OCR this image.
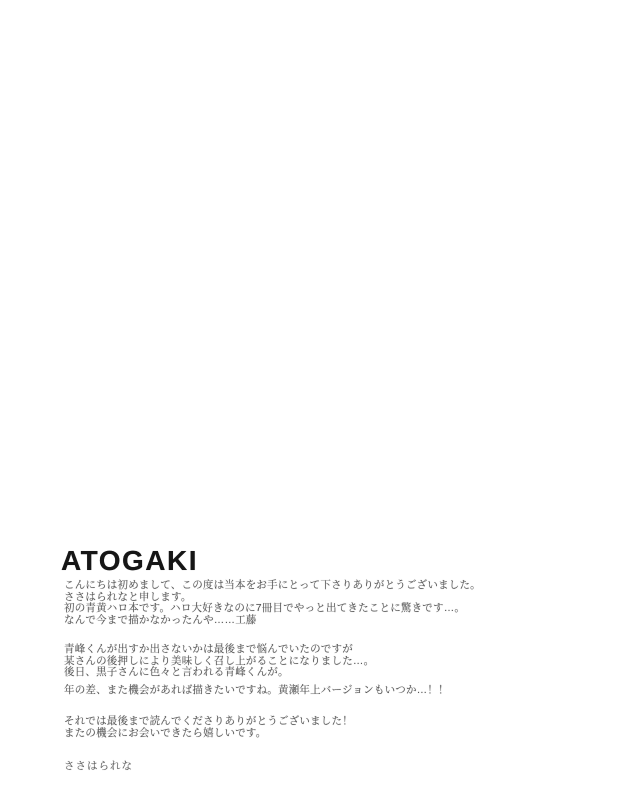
ATOGAKI
こんにちは初めまして、この度は当本をお手にとって下さりありがとうございました。
ささはられなと申します。
初の青黄ハロ本です。ハロ大好きなのに7冊目でやっと出てきたことに驚きです…。
なんで今まで描かなかったんや……工藤
青峰くんが出すか出さないかは最後まで悩んでいたのですが
某さんの後押しにより美味しく召し上がることになりました…。
後日、黒子さんに色々と言われる青峰くんが。
年の差、また機会があれば描きたいですね。黄瀬年上バージョンもいつか…！！
それでは最後まで読んでくださりありがとうございました！
またの機会にお会いできたら嬉しいです。
ささはられな
